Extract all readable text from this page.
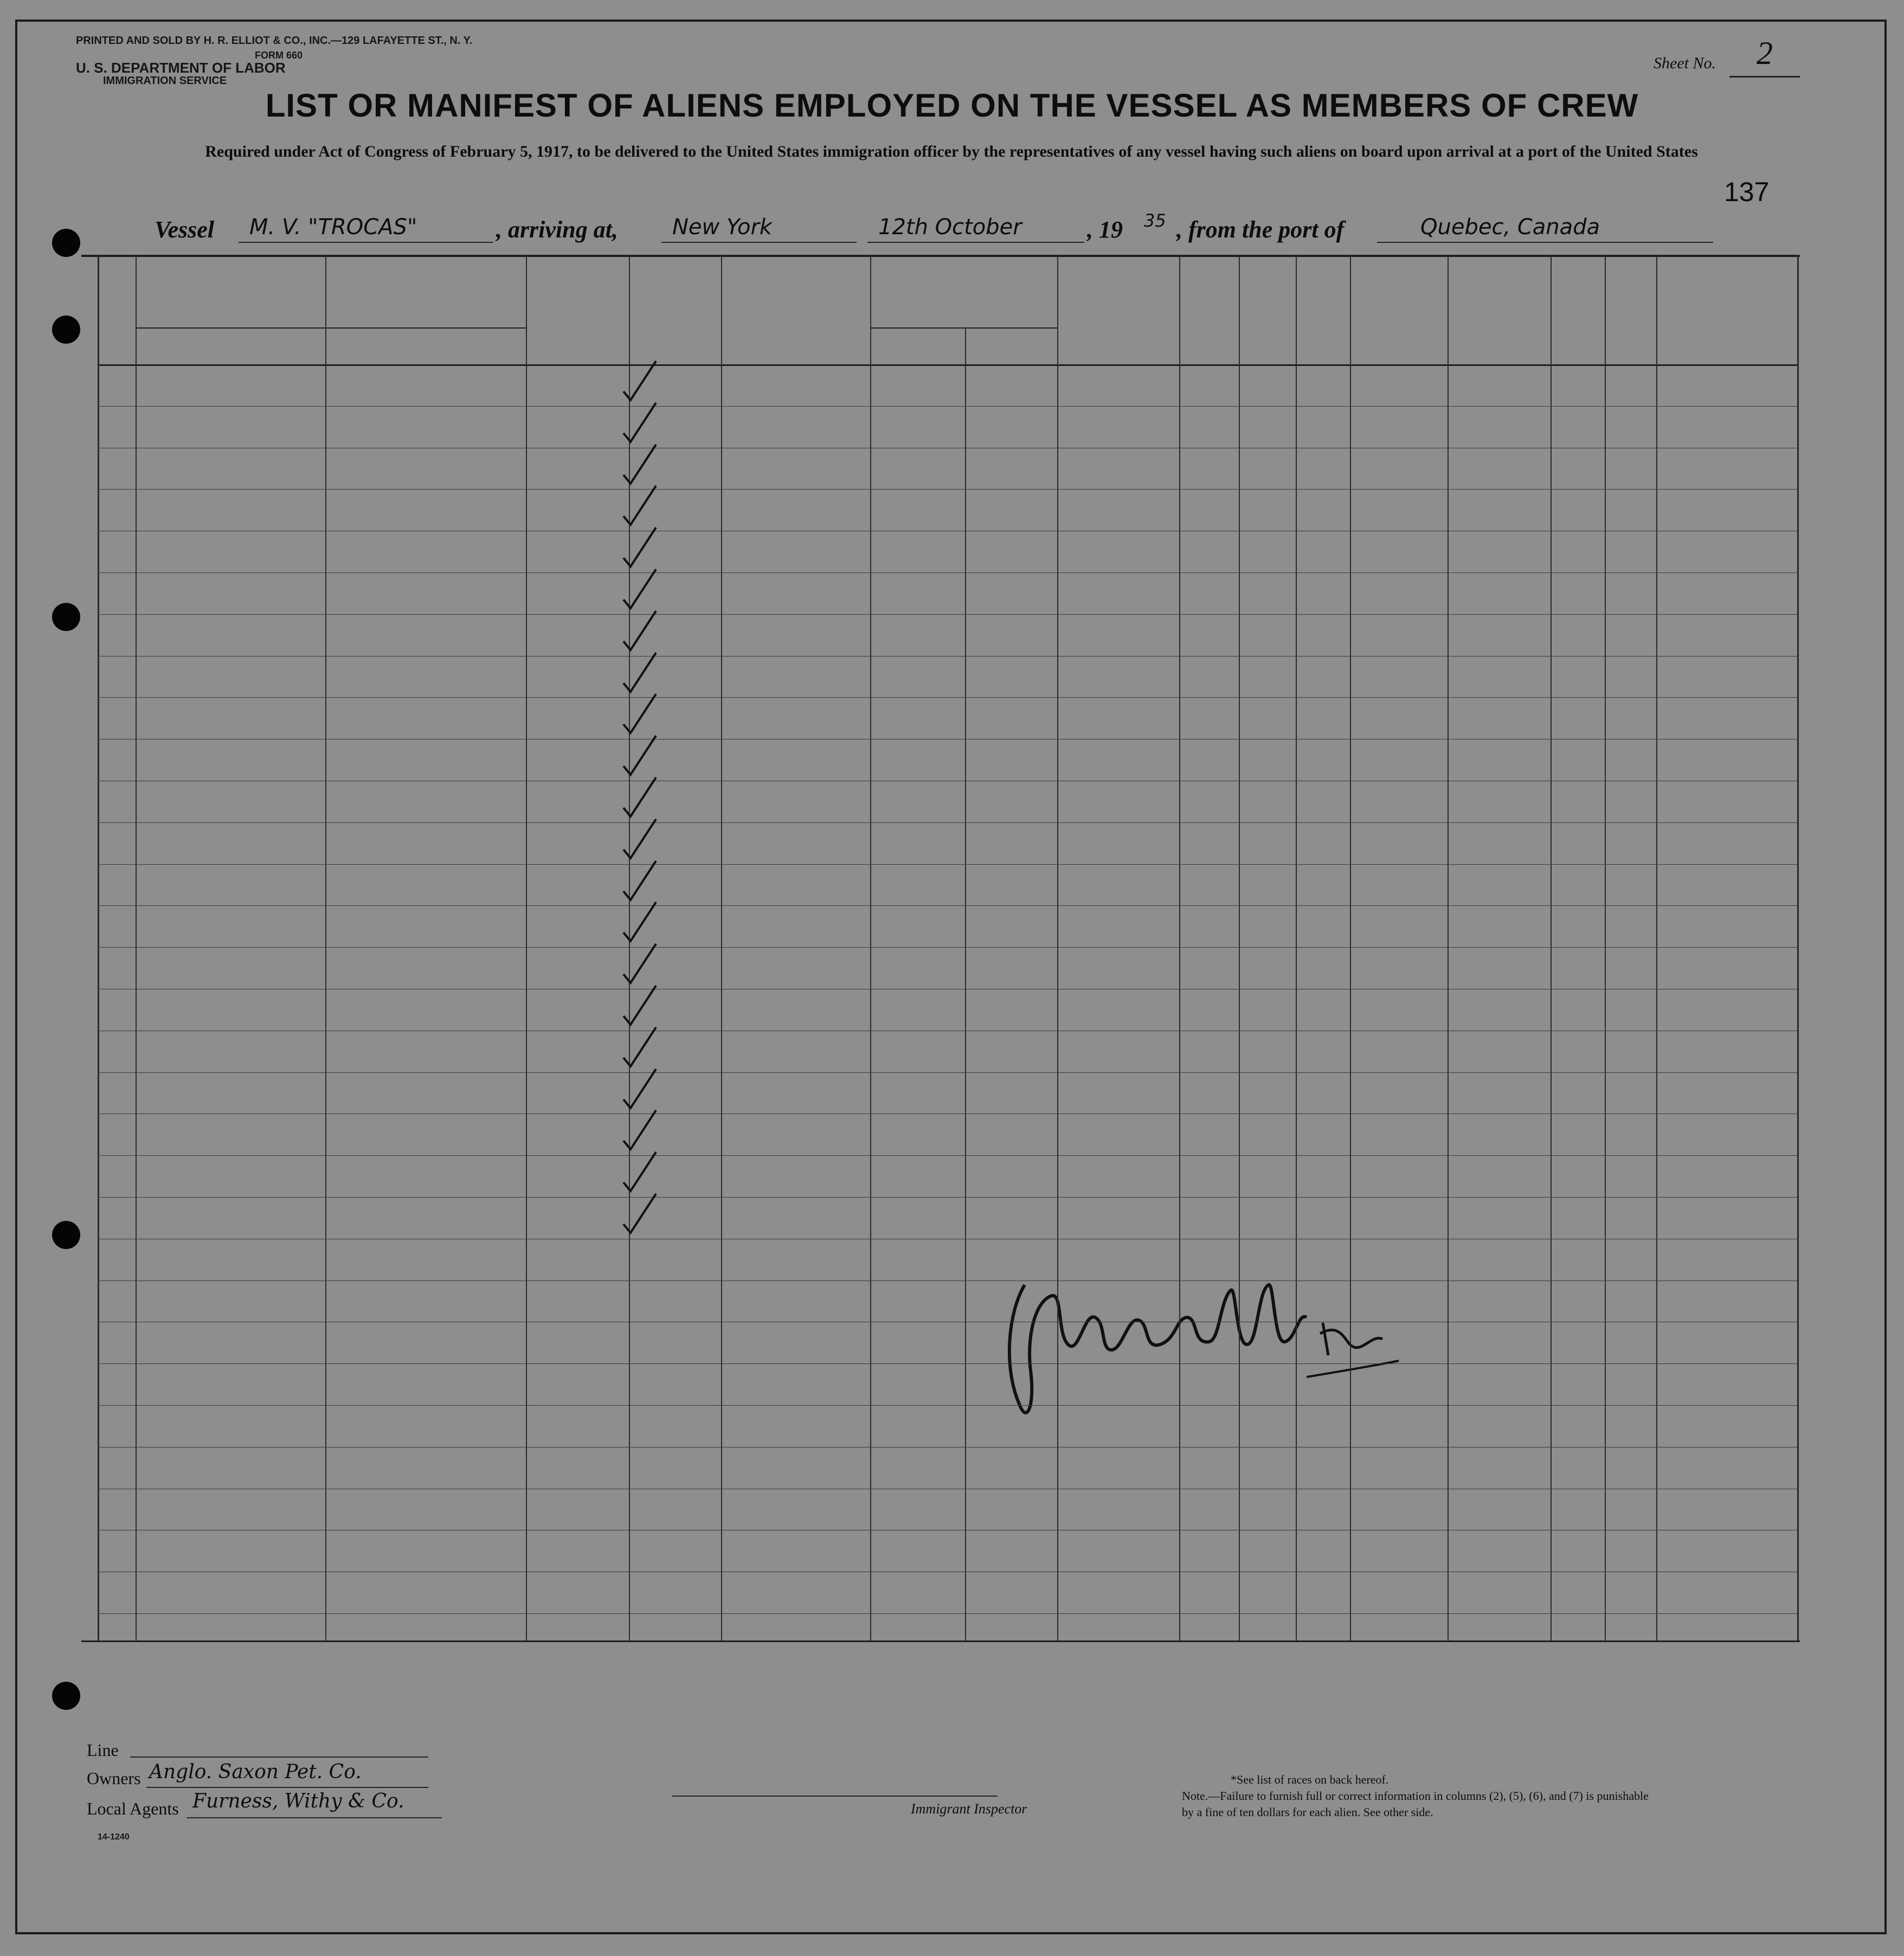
PRINTED AND SOLD BY H. R. ELLIOT & CO., INC.—129 LAFAYETTE ST., N. Y.
FORM 660
U. S. DEPARTMENT OF LABOR
IMMIGRATION SERVICE
Sheet No. 2
LIST OR MANIFEST OF ALIENS EMPLOYED ON THE VESSEL AS MEMBERS OF CREW
Required under Act of Congress of February 5, 1917, to be delivered to the United States immigration officer by the representatives of any vessel having such aliens on board upon arrival at a port of the United States
137
Vessel M. V. "TROCAS"	, arriving at,	New York	12th October	, 19 35 , from the port of	Quebec, Canada
Line
Owners Anglo. Saxon Pet. Co.
Local Agents Furness, Withy & Co.
14-1240
Immigrant Inspector
*See list of races on back hereof.
Note.—Failure to furnish full or correct information in columns (2), (5), (6), and (7) is punishable by a fine of ten dollars for each alien. See other side.
